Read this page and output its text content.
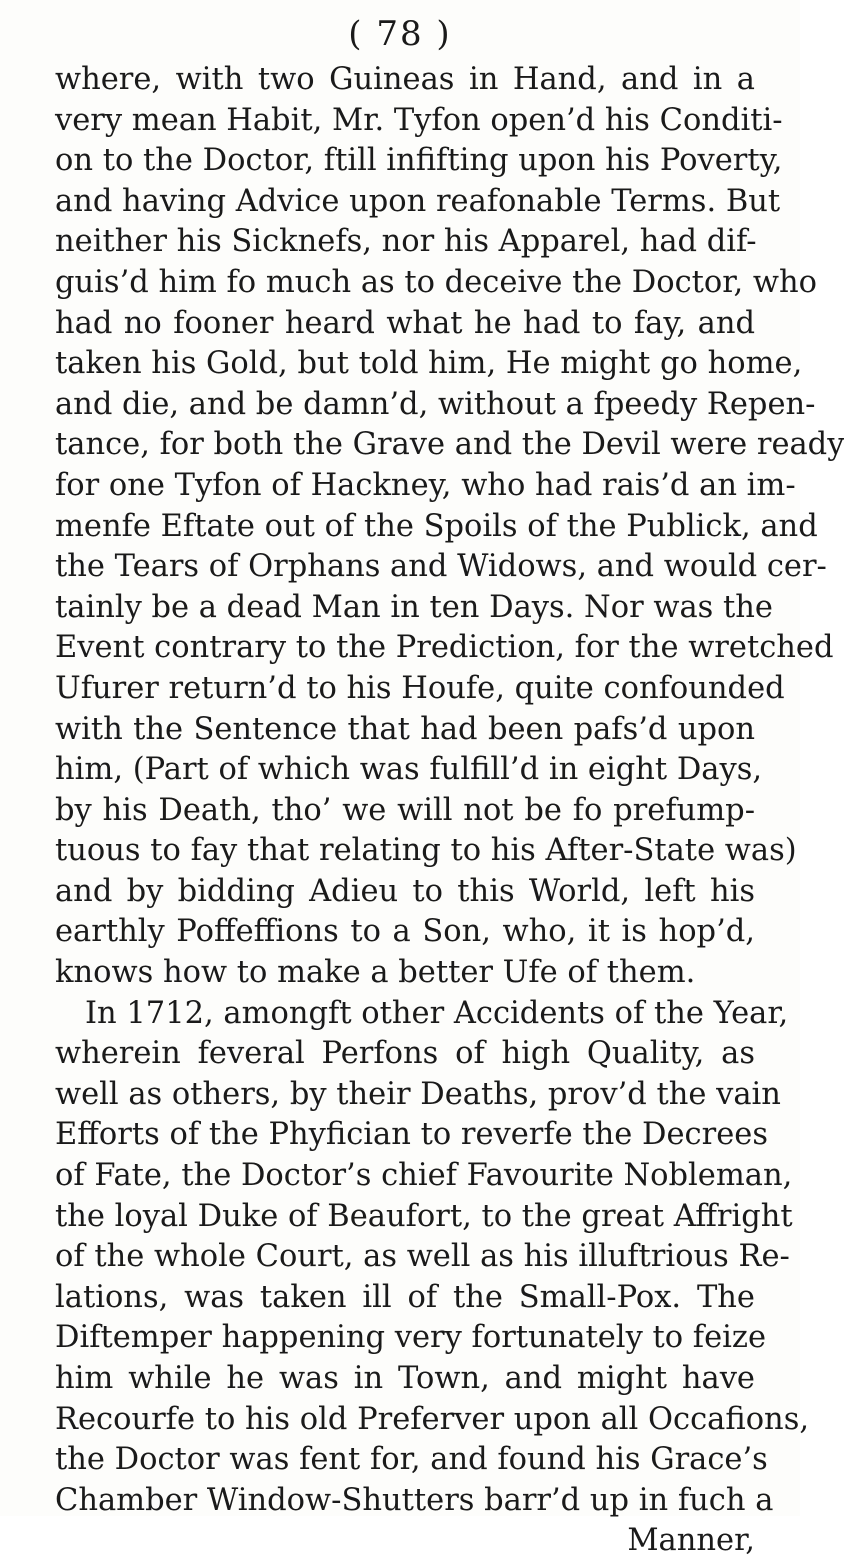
( 78 )
where, with two Guineas in Hand, and in a
very mean Habit, Mr. Tyfon open’d his Conditi-
on to the Doctor, ftill infifting upon his Poverty,
and having Advice upon reafonable Terms. But
neither his Sicknefs, nor his Apparel, had dif-
guis’d him fo much as to deceive the Doctor, who
had no fooner heard what he had to fay, and
taken his Gold, but told him, He might go home,
and die, and be damn’d, without a fpeedy Repen-
tance, for both the Grave and the Devil were ready
for one Tyfon of Hackney, who had rais’d an im-
menfe Eftate out of the Spoils of the Publick, and
the Tears of Orphans and Widows, and would cer-
tainly be a dead Man in ten Days. Nor was the
Event contrary to the Prediction, for the wretched
Ufurer return’d to his Houfe, quite confounded
with the Sentence that had been pafs’d upon
him, (Part of which was fulfill’d in eight Days,
by his Death, tho’ we will not be fo prefump-
tuous to fay that relating to his After-State was)
and by bidding Adieu to this World, left his
earthly Poffeffions to a Son, who, it is hop’d,
knows how to make a better Ufe of them.
In 1712, amongft other Accidents of the Year,
wherein feveral Perfons of high Quality, as
well as others, by their Deaths, prov’d the vain
Efforts of the Phyfician to reverfe the Decrees
of Fate, the Doctor’s chief Favourite Nobleman,
the loyal Duke of Beaufort, to the great Affright
of the whole Court, as well as his illuftrious Re-
lations, was taken ill of the Small-Pox. The
Diftemper happening very fortunately to feize
him while he was in Town, and might have
Recourfe to his old Preferver upon all Occafions,
the Doctor was fent for, and found his Grace’s
Chamber Window-Shutters barr’d up in fuch a
Manner,
